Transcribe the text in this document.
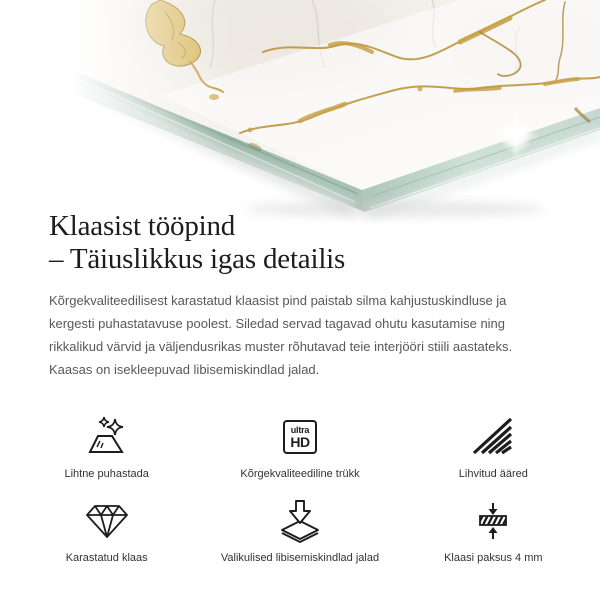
Klaasist tööpind
– Täiuslikkus igas detailis

Kõrgekvaliteedilisest karastatud klaasist pind paistab silma kahjustuskindluse ja kergesti puhastatavuse poolest. Siledad servad tagavad ohutu kasutamise ning rikkalikud värvid ja väljendusrikas muster rõhutavad teie interjööri stiili aastateks. Kaasas on isekleepuvad libisemiskindlad jalad.

Lihtne puhastada
ultra
HD
Kõrgekvaliteediline trükk	Lihvitud ääred
Karastatud klaas	Valikulised libisemiskindlad jalad	Klaasi paksus 4 mm
